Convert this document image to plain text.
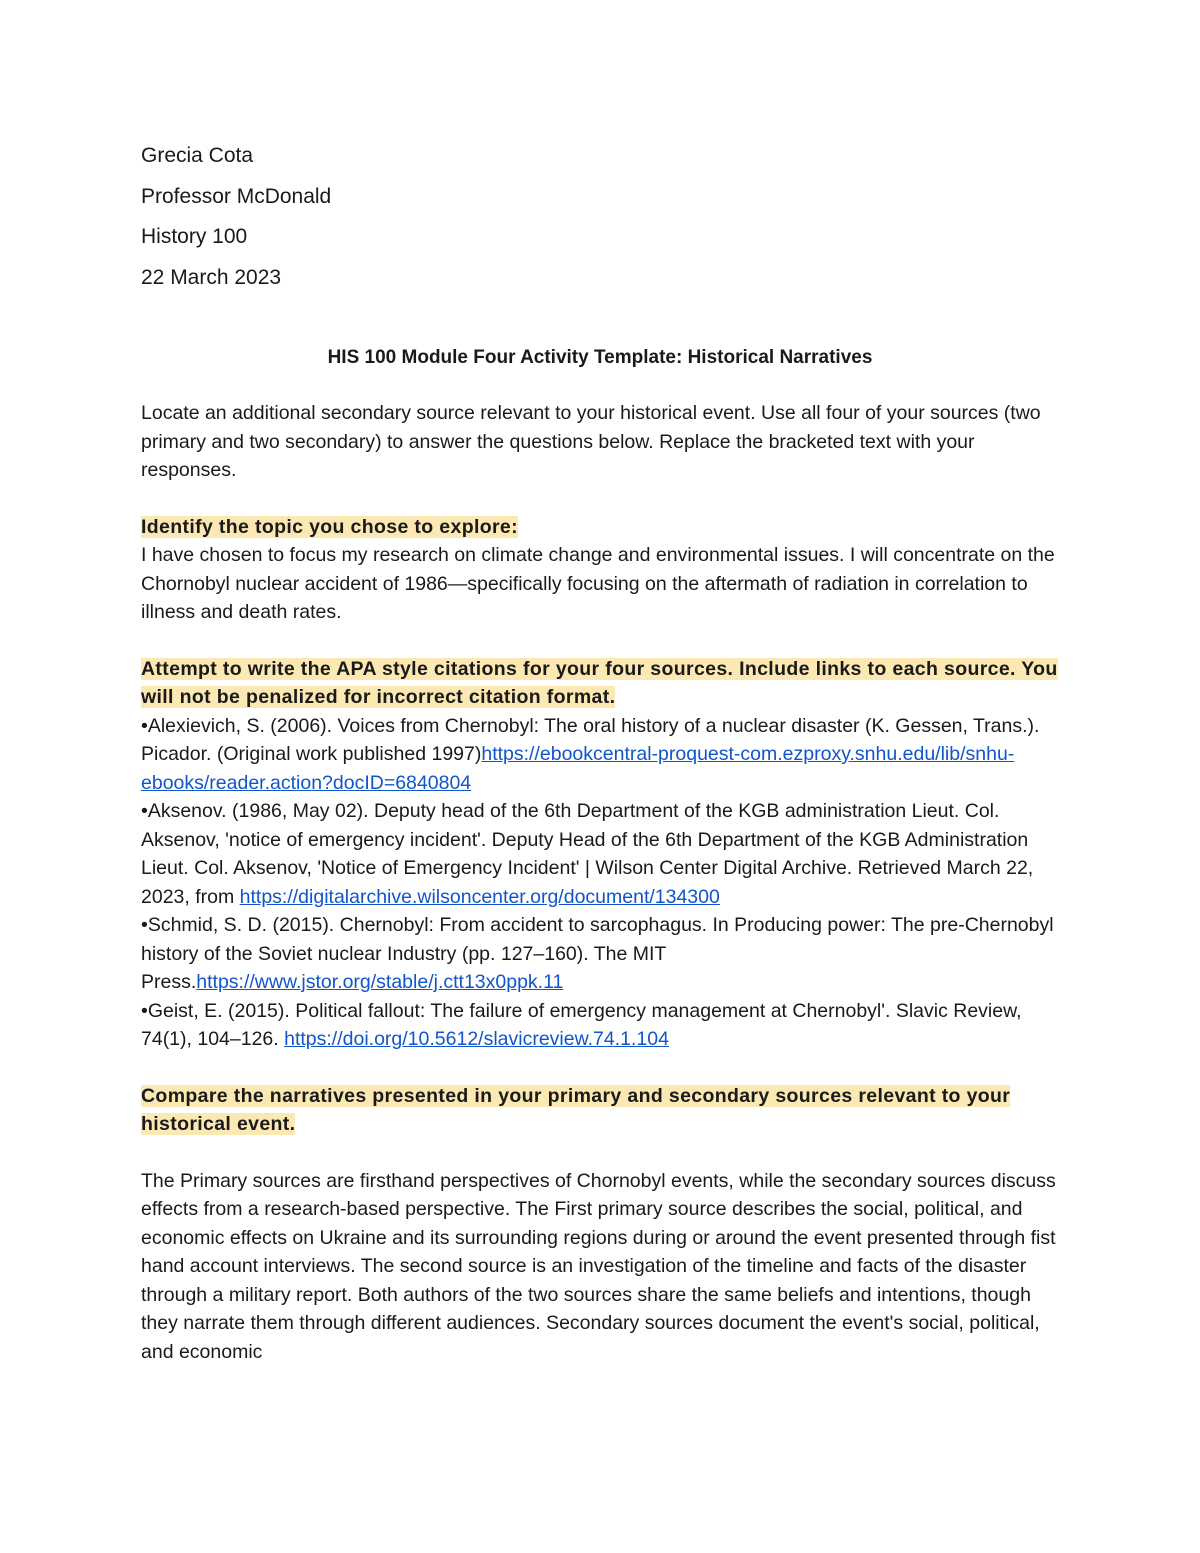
Grecia Cota
Professor McDonald
History 100
22 March 2023
HIS 100 Module Four Activity Template: Historical Narratives

Locate an additional secondary source relevant to your historical event. Use all four of your sources (two primary and two secondary) to answer the questions below. Replace the bracketed text with your responses.

Identify the topic you chose to explore:

I have chosen to focus my research on climate change and environmental issues. I will concentrate on the Chornobyl nuclear accident of 1986—specifically focusing on the aftermath of radiation in correlation to illness and death rates.

Attempt to write the APA style citations for your four sources. Include links to each source. You will not be penalized for incorrect citation format.

•Alexievich, S. (2006). Voices from Chernobyl: The oral history of a nuclear disaster (K. Gessen, Trans.). Picador. (Original work published 1997)https://ebookcentral-proquest-com.ezproxy.snhu.edu/lib/snhu-ebooks/reader.action?docID=6840804

•Aksenov. (1986, May 02). Deputy head of the 6th Department of the KGB administration Lieut. Col. Aksenov, 'notice of emergency incident'. Deputy Head of the 6th Department of the KGB Administration Lieut. Col. Aksenov, 'Notice of Emergency Incident' | Wilson Center Digital Archive. Retrieved March 22, 2023, from https://digitalarchive.wilsoncenter.org/document/134300

•Schmid, S. D. (2015). Chernobyl: From accident to sarcophagus. In Producing power: The pre-Chernobyl history of the Soviet nuclear Industry (pp. 127–160). The MIT Press.https://www.jstor.org/stable/j.ctt13x0ppk.11

•Geist, E. (2015). Political fallout: The failure of emergency management at Chernobyl'. Slavic Review, 74(1), 104–126. https://doi.org/10.5612/slavicreview.74.1.104

Compare the narratives presented in your primary and secondary sources relevant to your historical event.

The Primary sources are firsthand perspectives of Chornobyl events, while the secondary sources discuss effects from a research-based perspective. The First primary source describes the social, political, and economic effects on Ukraine and its surrounding regions during or around the event presented through fist hand account interviews. The second source is an investigation of the timeline and facts of the disaster through a military report. Both authors of the two sources share the same beliefs and intentions, though they narrate them through different audiences. Secondary sources document the event's social, political, and economic
